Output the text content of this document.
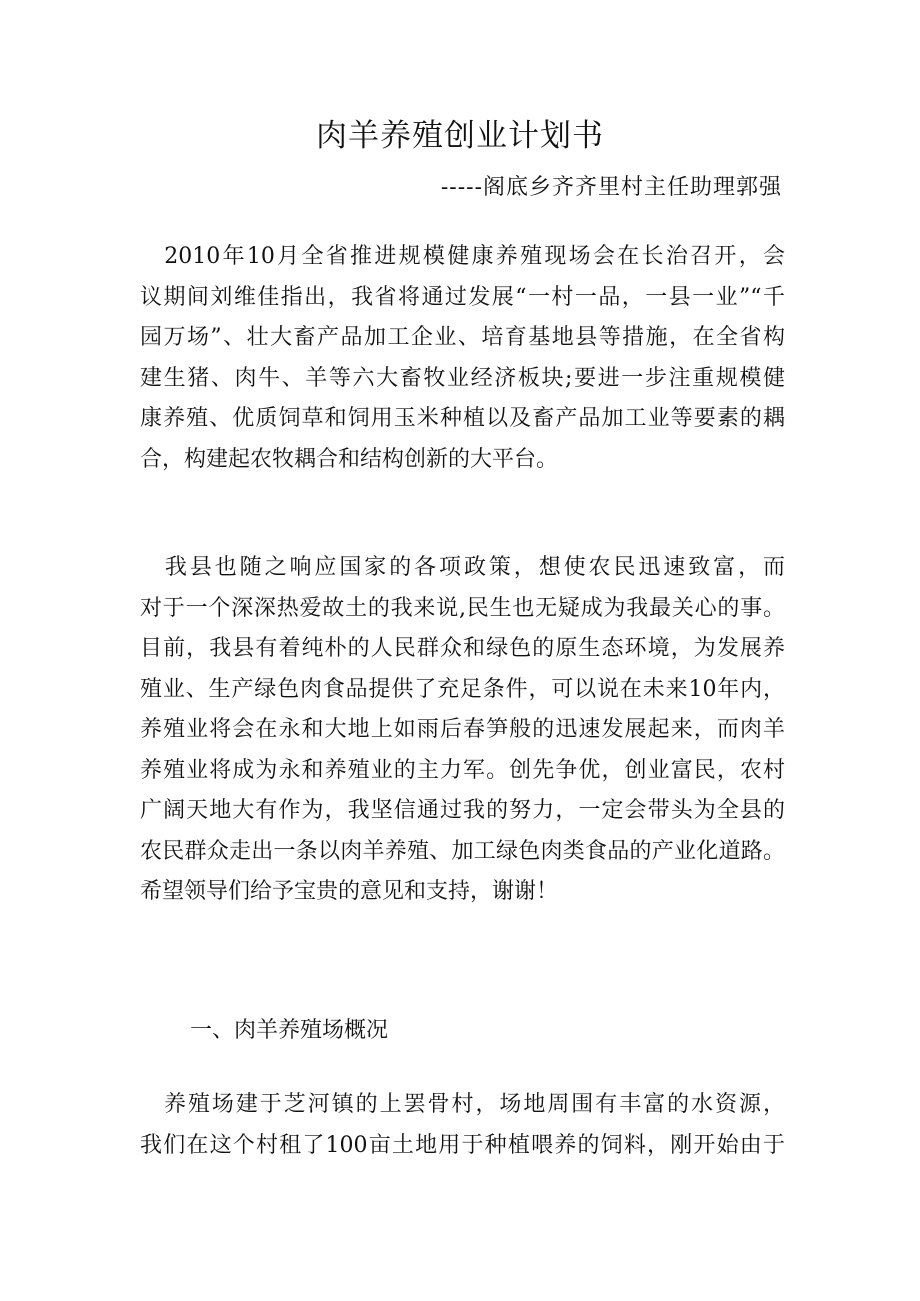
肉羊养殖创业计划书
-----阁底乡齐齐里村主任助理郭强
　2010年10月全省推进规模健康养殖现场会在长治召开，会
议期间刘维佳指出，我省将通过发展“一村一品，一县一业”“千
园万场”、壮大畜产品加工企业、培育基地县等措施，在全省构
建生猪、肉牛、羊等六大畜牧业经济板块;要进一步注重规模健
康养殖、优质饲草和饲用玉米种植以及畜产品加工业等要素的耦
合，构建起农牧耦合和结构创新的大平台。
　我县也随之响应国家的各项政策，想使农民迅速致富，而
对于一个深深热爱故土的我来说,民生也无疑成为我最关心的事。
目前，我县有着纯朴的人民群众和绿色的原生态环境，为发展养
殖业、生产绿色肉食品提供了充足条件，可以说在未来10年内，
养殖业将会在永和大地上如雨后春笋般的迅速发展起来，而肉羊
养殖业将成为永和养殖业的主力军。创先争优，创业富民，农村
广阔天地大有作为，我坚信通过我的努力，一定会带头为全县的
农民群众走出一条以肉羊养殖、加工绿色肉类食品的产业化道路。
希望领导们给予宝贵的意见和支持，谢谢！
一、肉羊养殖场概况
　养殖场建于芝河镇的上罢骨村，场地周围有丰富的水资源，
我们在这个村租了100亩土地用于种植喂养的饲料，刚开始由于
